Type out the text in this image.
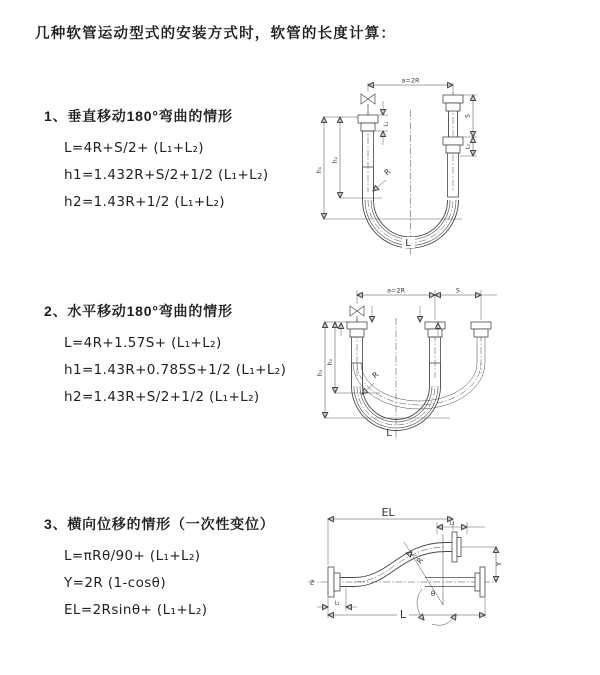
几种软管运动型式的安装方式时，软管的长度计算：

1、垂直移动180°弯曲的情形

L=4R+S/2+ (L₁+L₂)

h1=1.432R+S/2+1/2 (L₁+L₂)

h2=1.43R+1/2 (L₁+L₂)

2、水平移动180°弯曲的情形

L=4R+1.57S+ (L₁+L₂)

h1=1.43R+0.785S+1/2 (L₁+L₂)

h2=1.43R+S/2+1/2 (L₁+L₂)

3、横向位移的情形（一次性变位）

L=πRθ/90+ (L₁+L₂)

Y=2R (1-cosθ)

EL=2Rsinθ+ (L₁+L₂)

a=2R
L₁
S
L₁
h₁
h₂
R
L
a=2R	S
h₁
h₂
R
L
Z
EL
L₁
Y
θ
R
L₁
L
